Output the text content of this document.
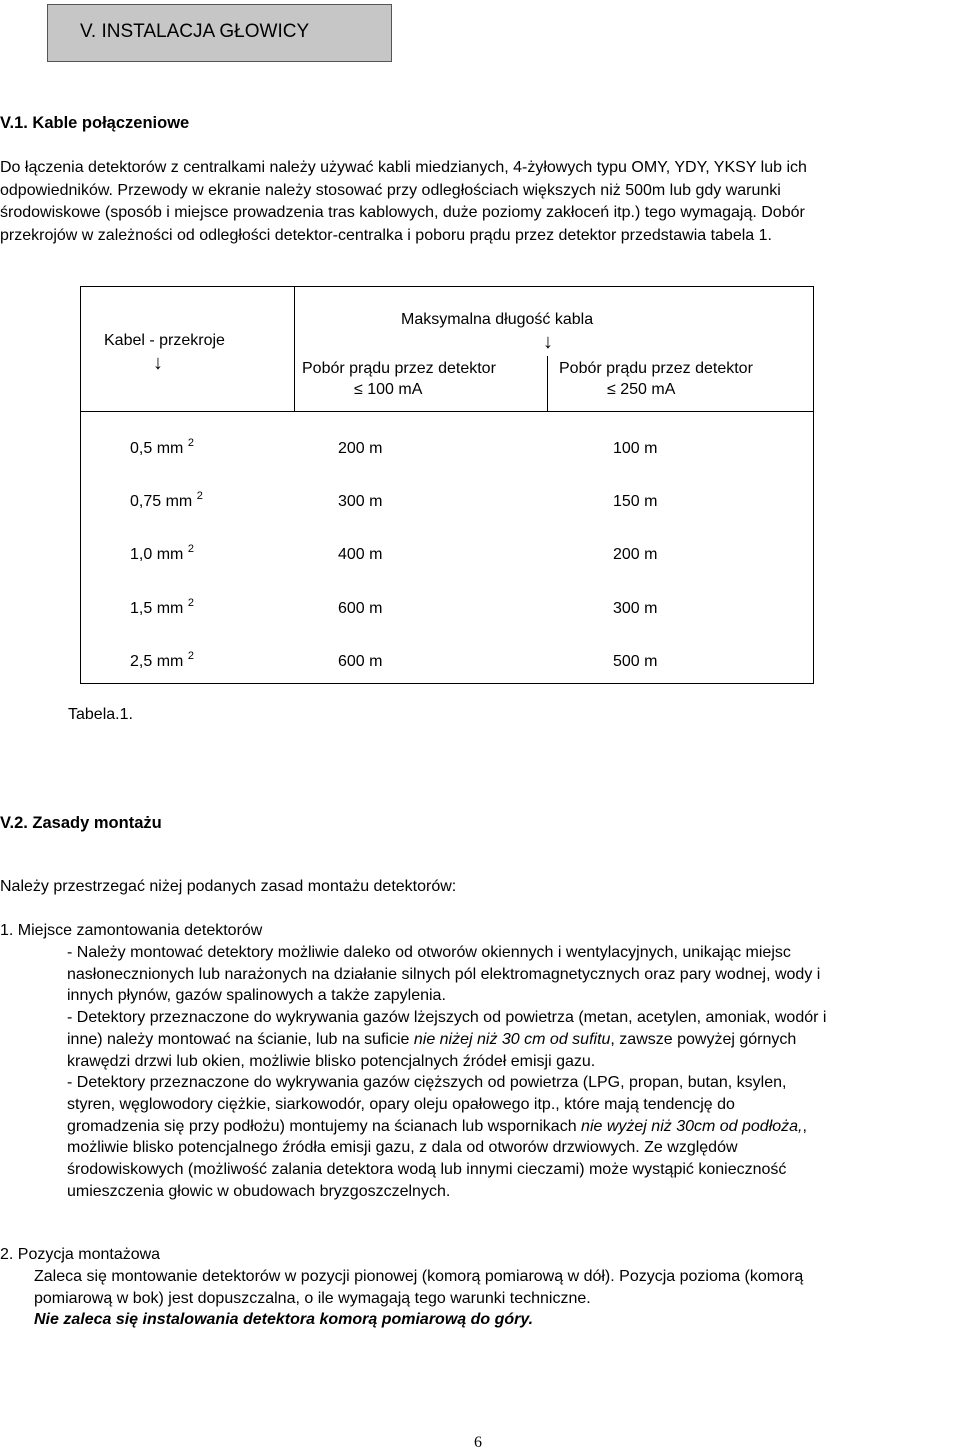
V. INSTALACJA GŁOWICY
V.1. Kable połączeniowe
Do łączenia detektorów z centralkami należy używać kabli miedzianych, 4-żyłowych typu OMY, YDY, YKSY lub ich
odpowiedników. Przewody w ekranie należy stosować przy odległościach większych niż 500m lub gdy warunki
środowiskowe (sposób i miejsce prowadzenia tras kablowych, duże poziomy zakłoceń itp.) tego wymagają. Dobór
przekrojów w zależności od odległości detektor-centralka i poboru prądu przez detektor przedstawia tabela 1.
Kabel - przekroje
↓
Maksymalna długość kabla
↓
Pobór prądu przez detektor
≤ 100 mA
Pobór prądu przez detektor
≤ 250 mA
0,5 mm $^2$	200 m	100 m
0,75 mm $^2$	300 m	150 m
1,0 mm $^2$	400 m	200 m
1,5 mm $^2$	600 m	300 m
2,5 mm $^2$	600 m	500 m
Tabela.1.
V.2. Zasady montażu
Należy przestrzegać niżej podanych zasad montażu detektorów:
1. Miejsce zamontowania detektorów
- Należy montować detektory możliwie daleko od otworów okiennych i wentylacyjnych, unikając miejsc
nasłonecznionych lub narażonych na działanie silnych pól elektromagnetycznych oraz pary wodnej, wody i
innych płynów, gazów spalinowych a także zapylenia.
- Detektory przeznaczone do wykrywania gazów lżejszych od powietrza (metan, acetylen, amoniak, wodór i
inne) należy montować na ścianie, lub na suficie nie niżej niż 30 cm od sufitu, zawsze powyżej górnych
krawędzi drzwi lub okien, możliwie blisko potencjalnych źródeł emisji gazu.
- Detektory przeznaczone do wykrywania gazów cięższych od powietrza (LPG, propan, butan, ksylen,
styren, węglowodory ciężkie, siarkowodór, opary oleju opałowego itp., które mają tendencję do
gromadzenia się przy podłożu) montujemy na ścianach lub wspornikach nie wyżej niż 30cm od podłoża,,
możliwie blisko potencjalnego źródła emisji gazu, z dala od otworów drzwiowych. Ze względów
środowiskowych (możliwość zalania detektora wodą lub innymi cieczami) może wystąpić konieczność
umieszczenia głowic w obudowach bryzgoszczelnych.
2. Pozycja montażowa
Zaleca się montowanie detektorów w pozycji pionowej (komorą pomiarową w dół). Pozycja pozioma (komorą
pomiarową w bok) jest dopuszczalna, o ile wymagają tego warunki techniczne.
Nie zaleca się instalowania detektora komorą pomiarową do góry.
6
